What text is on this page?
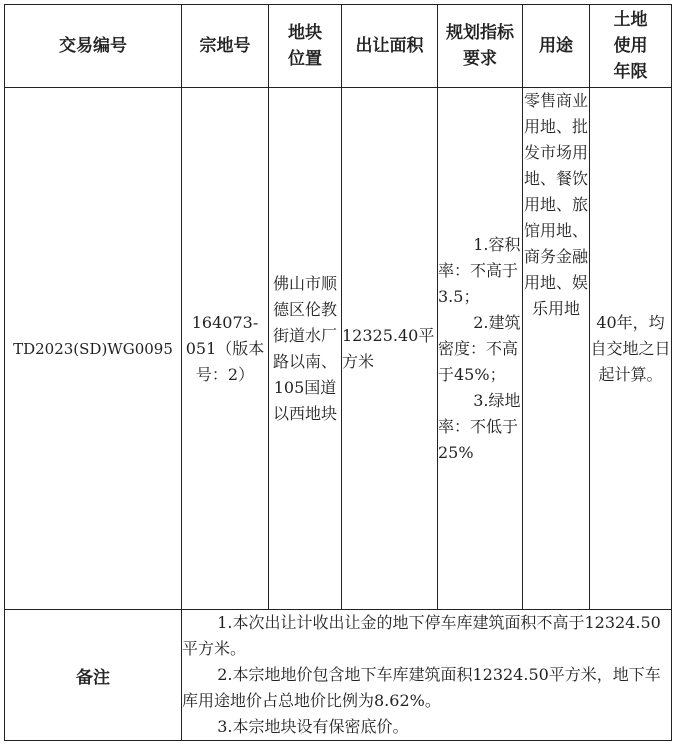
交易编号	宗地号	地块位置	出让面积	规划指标要求	用途	土地使用年限
TD2023(SD)WG0095	164073-051（版本号：2）	佛山市顺德区伦教街道水厂路以南、105国道以西地块	12325.40平方米	1.容积率：不高于3.5；

2.建筑密度：不高于45%；

3.绿地率：不低于25%	零售商业用地、批发市场用地、餐饮用地、旅馆用地、商务金融用地、娱乐用地	40年，均自交地之日起计算。
备注	1.本次出让计收出让金的地下停车库建筑面积不高于12324.50平方米。

2.本宗地地价包含地下车库建筑面积12324.50平方米，地下车库用途地价占总地价比例为8.62%。

3.本宗地块设有保密底价。					
